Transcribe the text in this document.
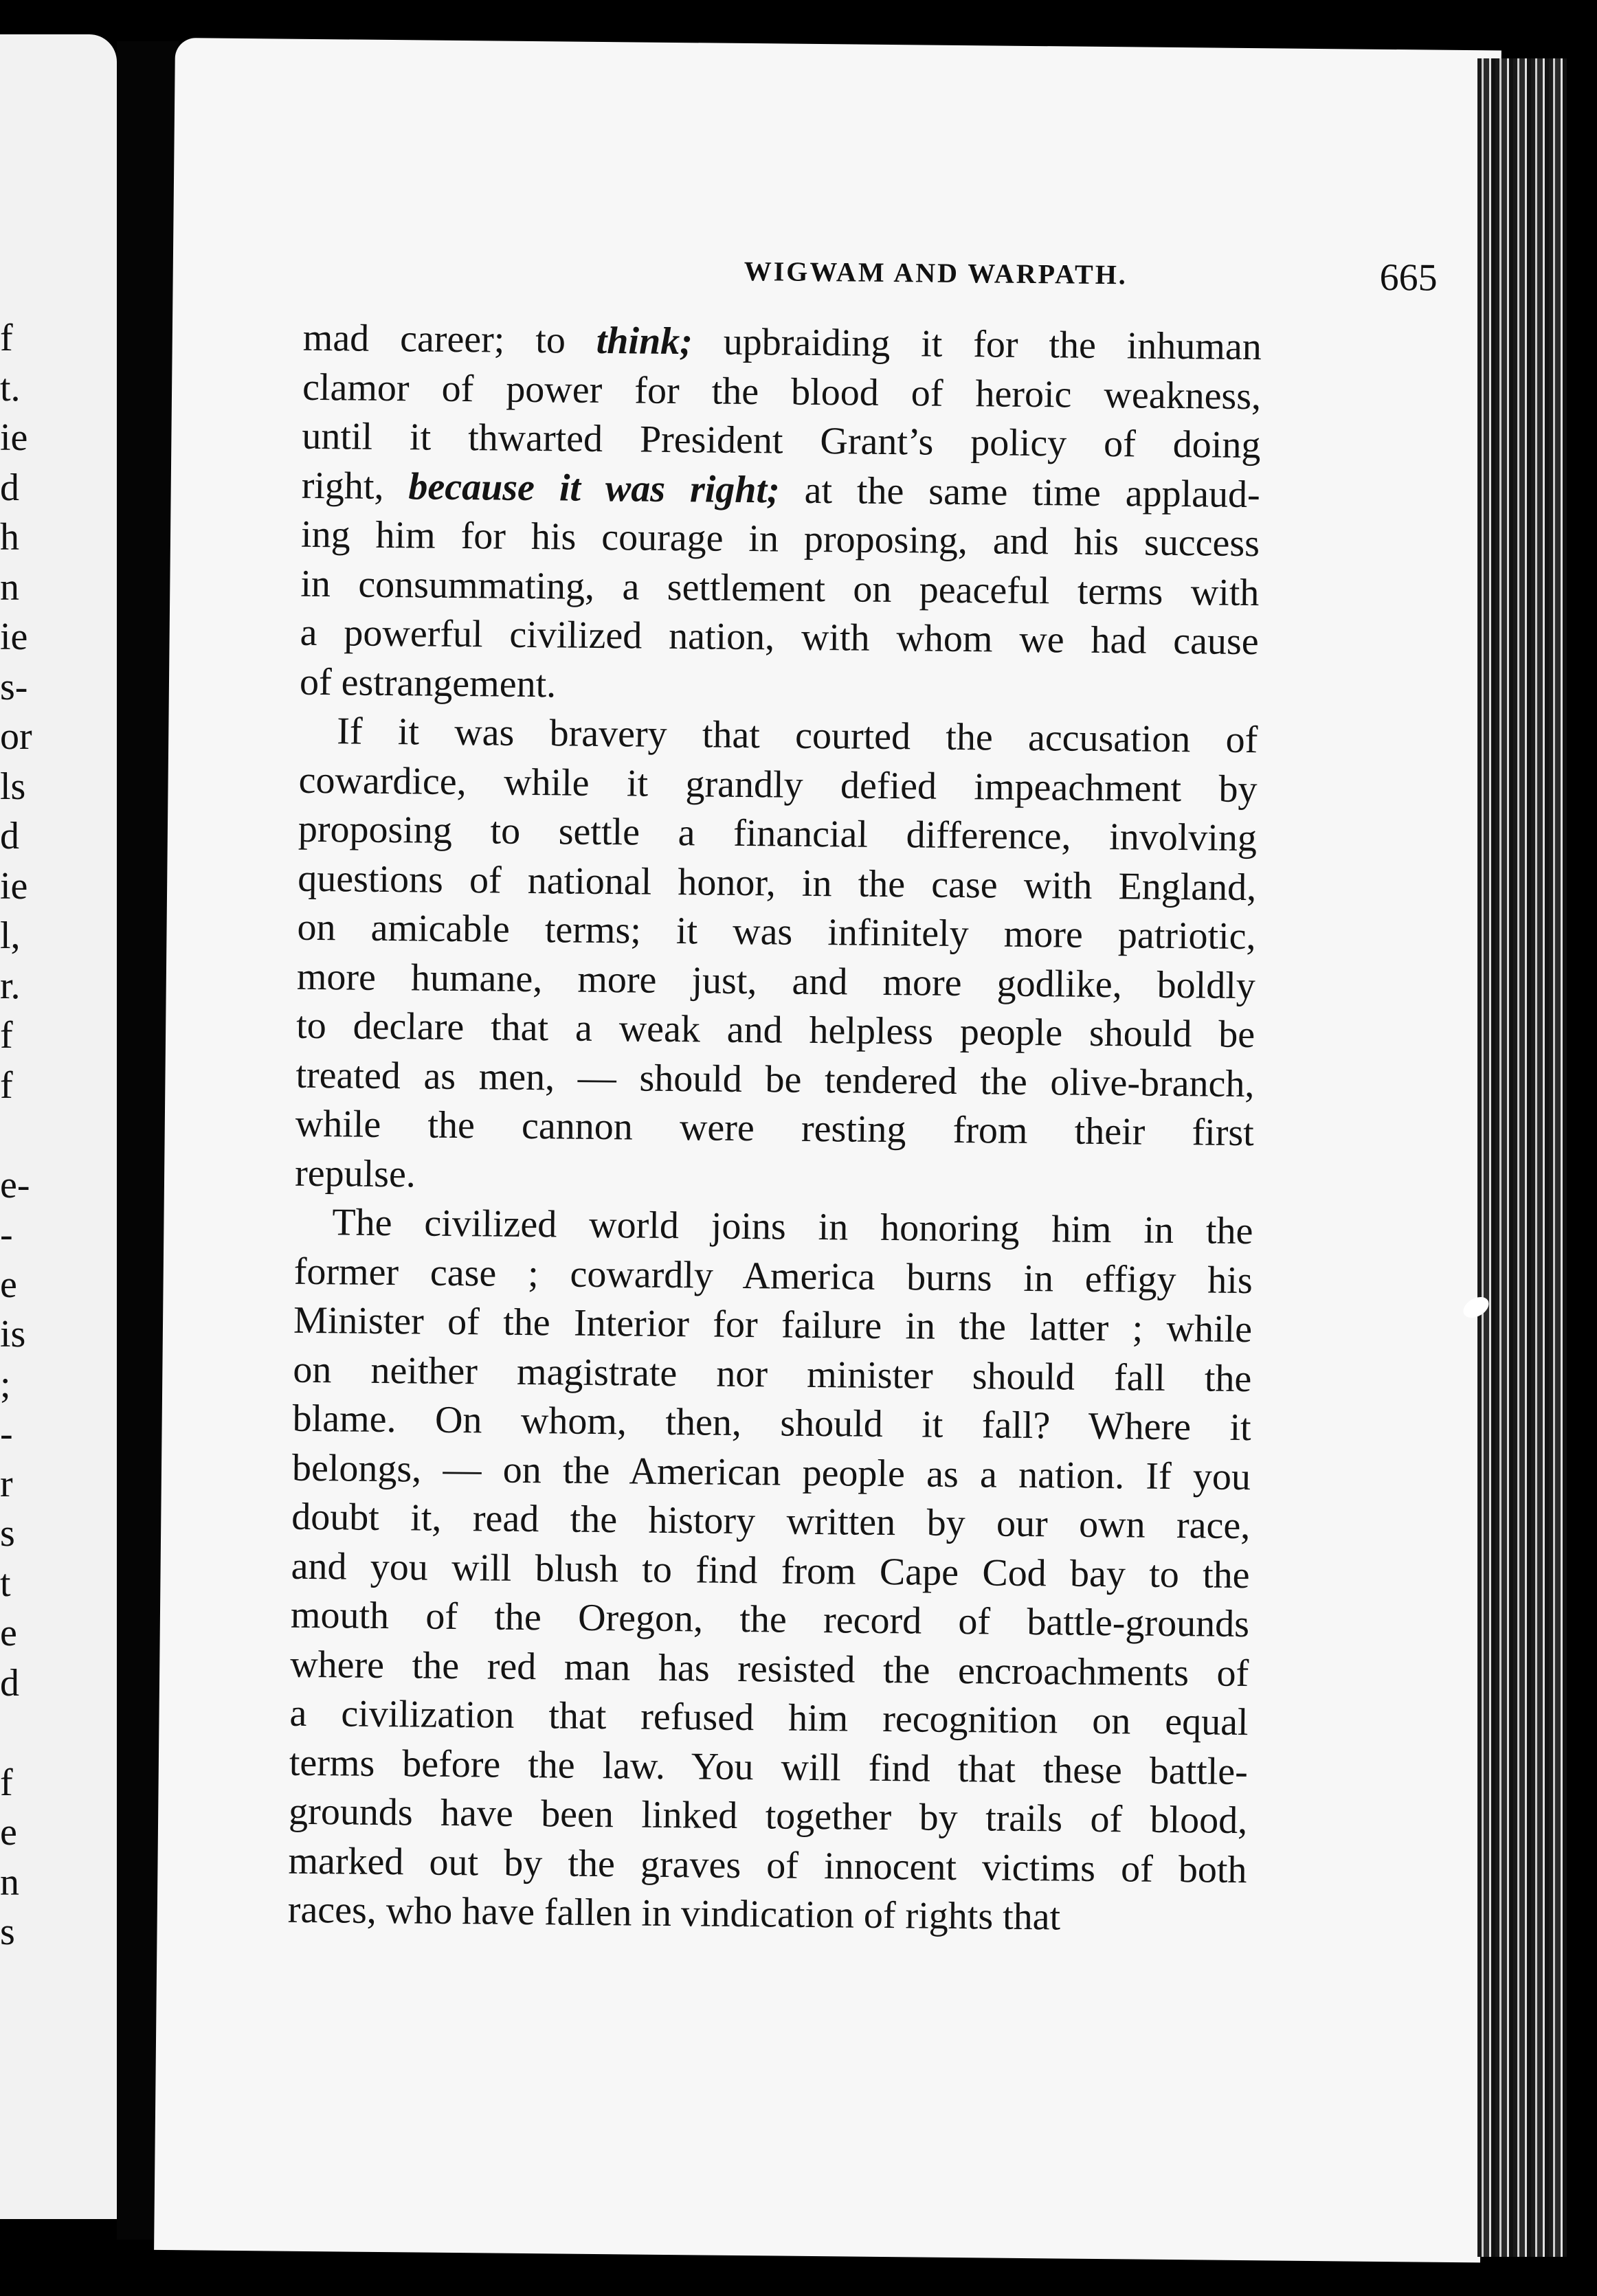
WIGWAM AND WARPATH.	665
mad career; to think; upbraiding it for the inhuman
clamor of power for the blood of heroic weakness,
until it thwarted President Grant’s policy of doing
right, because it was right; at the same time applaud-
ing him for his courage in proposing, and his success
in consummating, a settlement on peaceful terms with
a powerful civilized nation, with whom we had cause
of estrangement.
If it was bravery that courted the accusation of
cowardice, while it grandly defied impeachment by
proposing to settle a financial difference, involving
questions of national honor, in the case with England,
on amicable terms; it was infinitely more patriotic,
more humane, more just, and more godlike, boldly
to declare that a weak and helpless people should be
treated as men, — should be tendered the olive-branch,
while the cannon were resting from their first
repulse.
The civilized world joins in honoring him in the
former case ; cowardly America burns in effigy his
Minister of the Interior for failure in the latter ; while
on neither magistrate nor minister should fall the
blame. On whom, then, should it fall? Where it
belongs, — on the American people as a nation. If you
doubt it, read the history written by our own race,
and you will blush to find from Cape Cod bay to the
mouth of the Oregon, the record of battle-grounds
where the red man has resisted the encroachments of
a civilization that refused him recognition on equal
terms before the law. You will find that these battle-
grounds have been linked together by trails of blood,
marked out by the graves of innocent victims of both
races, who have fallen in vindication of rights that
f
t.
ie
d
h
n
ie
s-
or
ls
d
ie
l,
r.
f
f
e-
-
e
is
;
-
r
s
t
e
d
f
e
n
s
